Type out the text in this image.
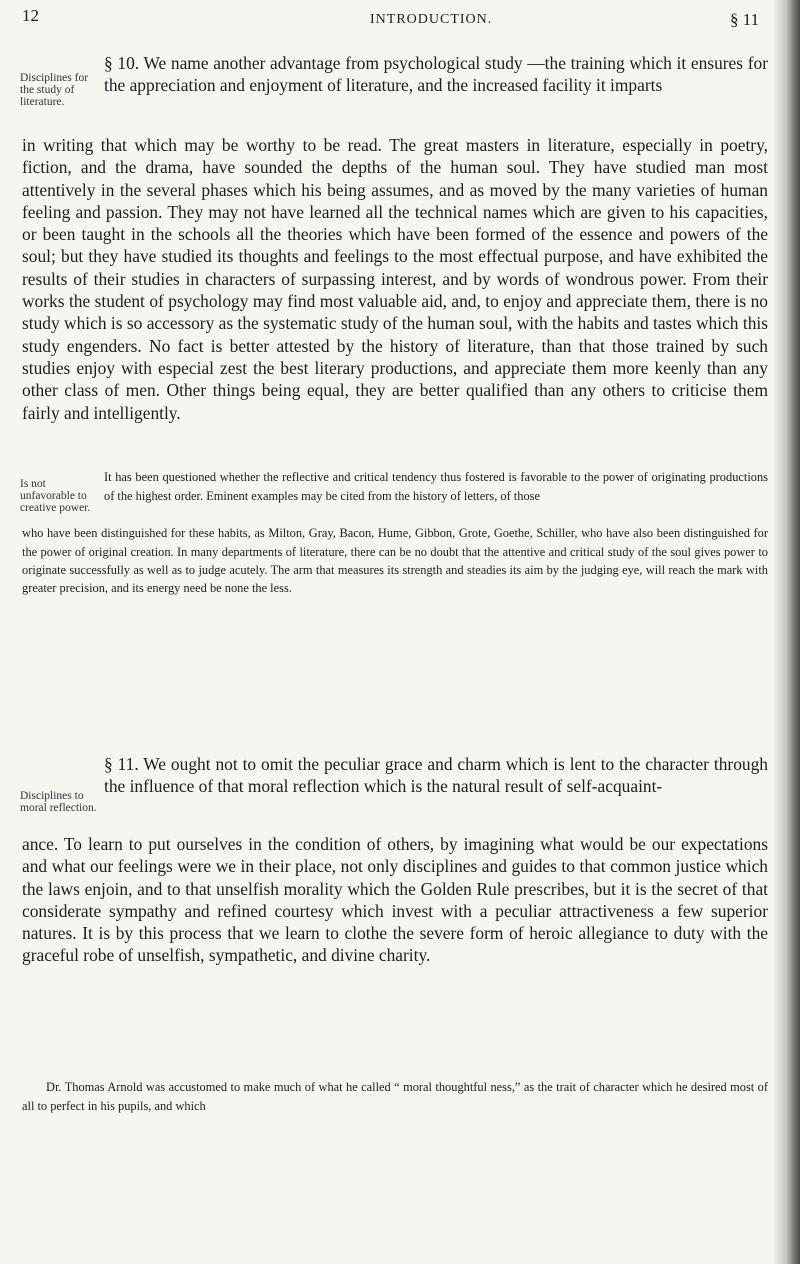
12	INTRODUCTION.	§ 11
Disciplines for the study of literature.
Is not unfavorable to creative power.
Disciplines to moral reflection.

§ 10. We name another advantage from psychological study —the training which it ensures for the appreciation and enjoyment of literature, and the increased facility it imparts

in writing that which may be worthy to be read. The great masters in literature, especially in poetry, fiction, and the drama, have sounded the depths of the human soul. They have studied man most attentively in the several phases which his being assumes, and as moved by the many varieties of human feeling and passion. They may not have learned all the technical names which are given to his capacities, or been taught in the schools all the theories which have been formed of the essence and powers of the soul; but they have studied its thoughts and feelings to the most effectual purpose, and have exhibited the results of their studies in characters of surpassing interest, and by words of wondrous power. From their works the student of psychology may find most valuable aid, and, to enjoy and appreciate them, there is no study which is so accessory as the systematic study of the human soul, with the habits and tastes which this study engenders. No fact is better attested by the history of literature, than that those trained by such studies enjoy with especial zest the best literary productions, and appreciate them more keenly than any other class of men. Other things being equal, they are better qualified than any others to criticise them fairly and intelligently.

It has been questioned whether the reflective and critical tendency thus fostered is favorable to the power of originating productions of the highest order. Eminent examples may be cited from the history of letters, of those

who have been distinguished for these habits, as Milton, Gray, Bacon, Hume, Gibbon, Grote, Goethe, Schiller, who have also been distinguished for the power of original creation. In many departments of literature, there can be no doubt that the attentive and critical study of the soul gives power to originate successfully as well as to judge acutely. The arm that measures its strength and steadies its aim by the judging eye, will reach the mark with greater precision, and its energy need be none the less.

§ 11. We ought not to omit the peculiar grace and charm which is lent to the character through the influence of that moral reflection which is the natural result of self-acquaint-

ance. To learn to put ourselves in the condition of others, by imagining what would be our expectations and what our feelings were we in their place, not only disciplines and guides to that common justice which the laws enjoin, and to that unselfish morality which the Golden Rule prescribes, but it is the secret of that considerate sympathy and refined courtesy which invest with a peculiar attractiveness a few superior natures. It is by this process that we learn to clothe the severe form of heroic allegiance to duty with the graceful robe of unselfish, sympathetic, and divine charity.

Dr. Thomas Arnold was accustomed to make much of what he called “ moral thoughtful ness,” as the trait of character which he desired most of all to perfect in his pupils, and which
